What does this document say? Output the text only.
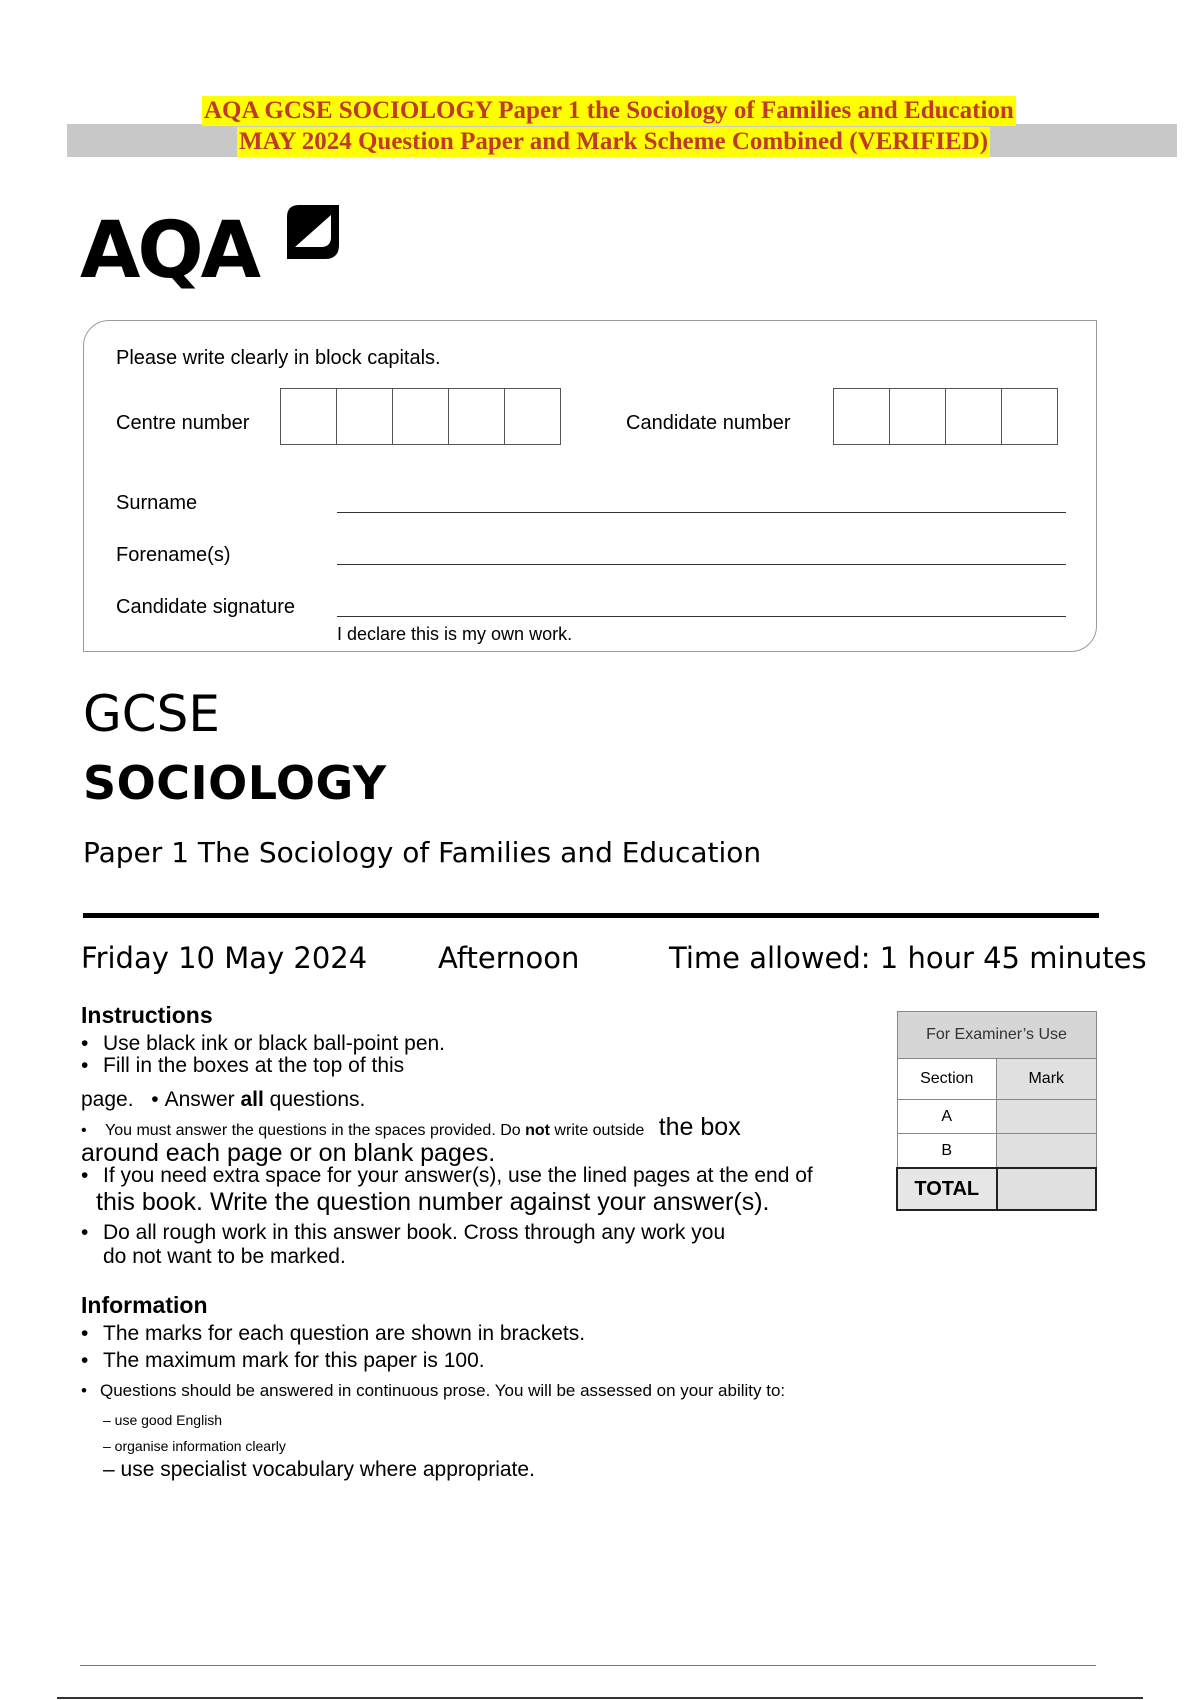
AQA GCSE SOCIOLOGY Paper 1 the Sociology of Families and Education
MAY 2024 Question Paper and Mark Scheme Combined (VERIFIED)
AQA
Please write clearly in block capitals.
Centre number	Candidate number
Surname
Forename(s)
Candidate signature
I declare this is my own work.
GCSE
SOCIOLOGY
Paper 1 The Sociology of Families and Education
Friday 10 May 2024 Afternoon	Time allowed: 1 hour 45 minutes
Instructions
• Use black ink or black ball-point pen.
• Fill in the boxes at the top of this
page. • Answer all questions.
• You must answer the questions in the spaces provided. Do not write outside the box
around each page or on blank pages.
• If you need extra space for your answer(s), use the lined pages at the end of
this book. Write the question number against your answer(s).
• Do all rough work in this answer book. Cross through any work you
do not want to be marked.
Information
• The marks for each question are shown in brackets.
• The maximum mark for this paper is 100.
• Questions should be answered in continuous prose. You will be assessed on your ability to:
– use good English
– organise information clearly
– use specialist vocabulary where appropriate.
For Examiner’s Use	
Section	Mark
A	
B	
TOTAL	
